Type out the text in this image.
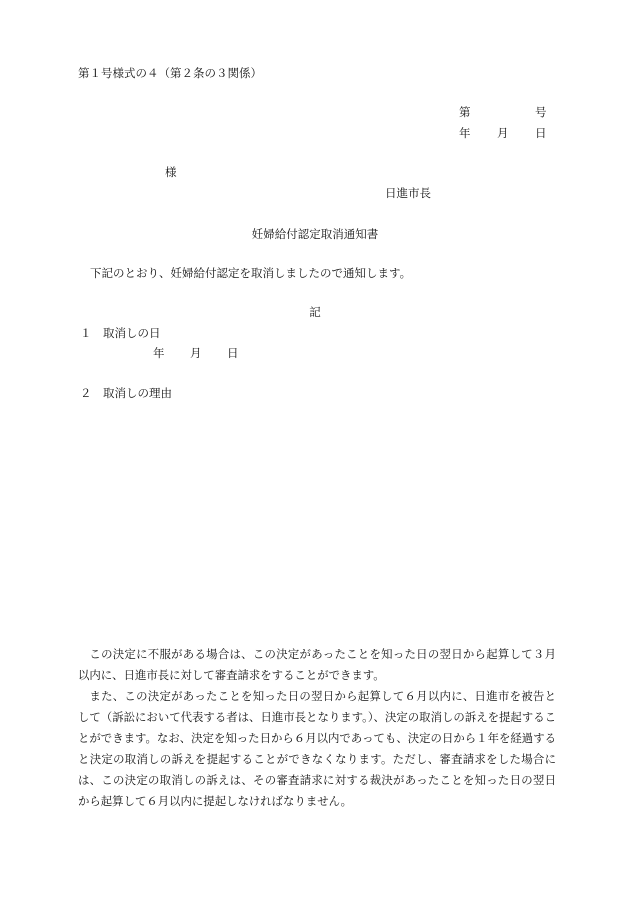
第１号様式の４（第２条の３関係）
第	号
年 月 日
様
日進市長
妊婦給付認定取消通知書
下記のとおり、妊婦給付認定を取消しましたので通知します。
記
１ 取消しの日
年 月 日
２ 取消しの理由

この決定に不服がある場合は、この決定があったことを知った日の翌日から起算して３月以内に、日進市長に対して審査請求をすることができます。

また、この決定があったことを知った日の翌日から起算して６月以内に、日進市を被告として（訴訟において代表する者は、日進市長となります。）、決定の取消しの訴えを提起することができます。なお、決定を知った日から６月以内であっても、決定の日から１年を経過すると決定の取消しの訴えを提起することができなくなります。ただし、審査請求をした場合には、この決定の取消しの訴えは、その審査請求に対する裁決があったことを知った日の翌日から起算して６月以内に提起しなければなりません。
